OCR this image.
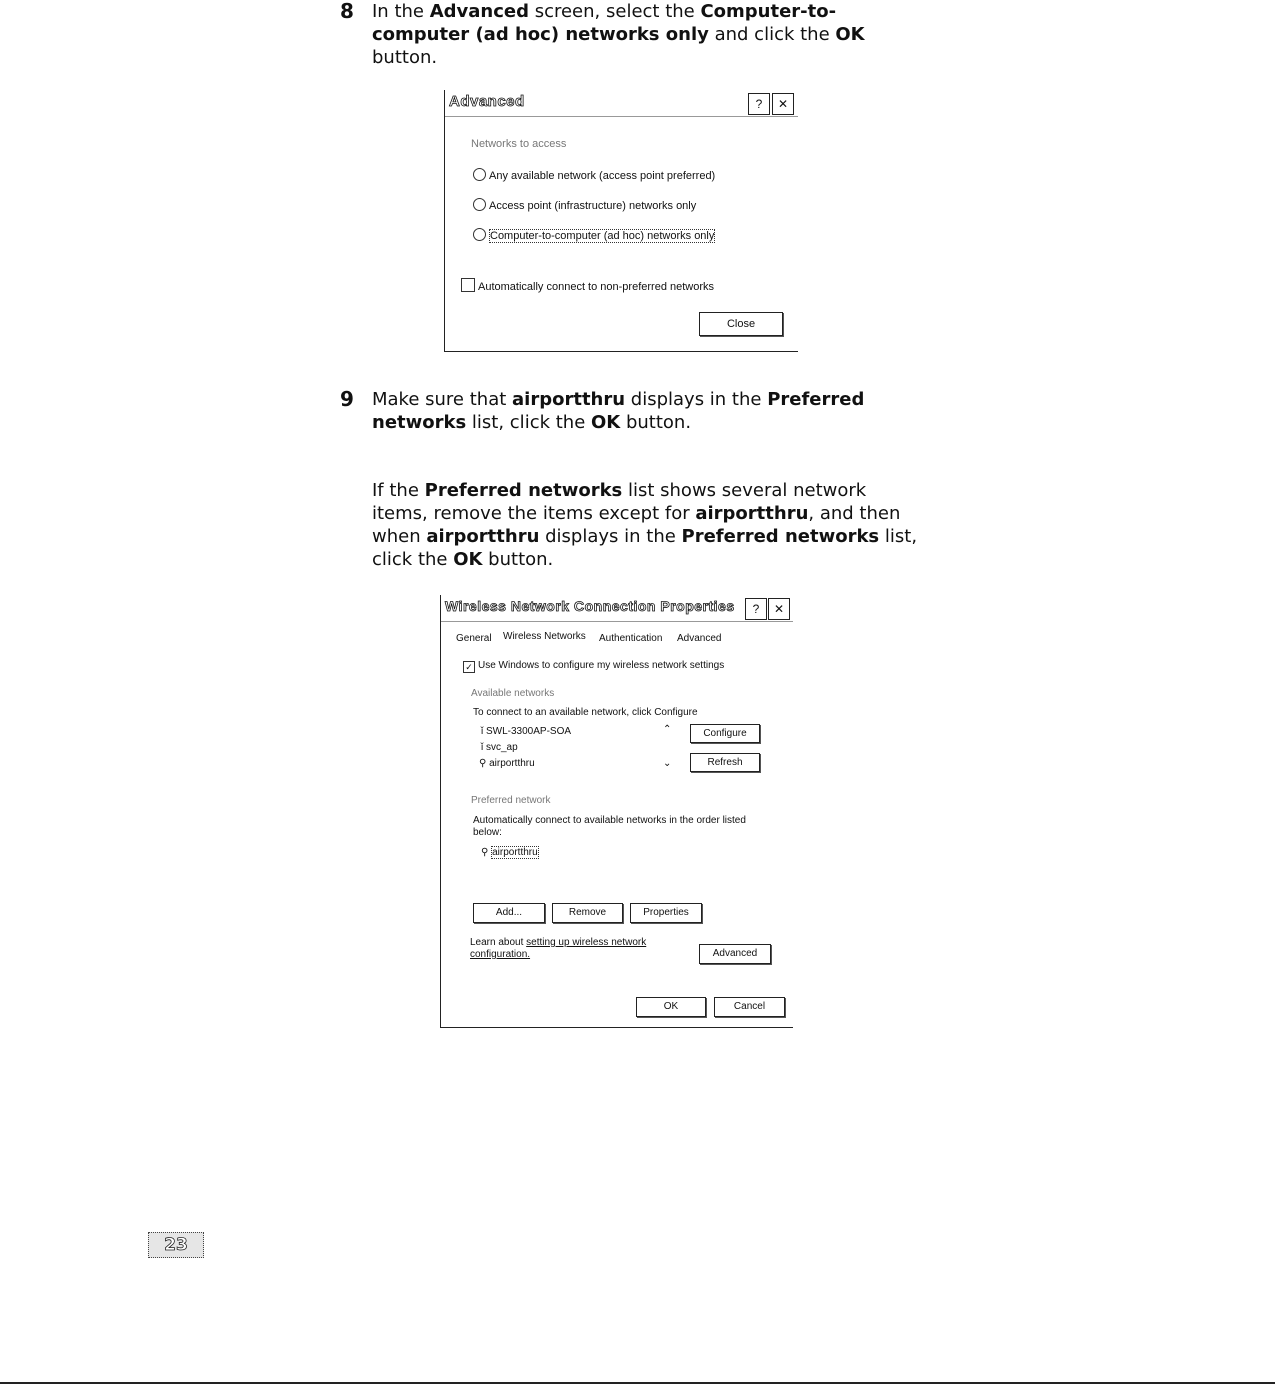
8 In the Advanced screen, select the Computer-to-computer (ad hoc) networks only and click the OK button.
Advanced	?	✕
Networks to access
Any available network (access point preferred)
Access point (infrastructure) networks only
Computer-to-computer (ad hoc) networks only
Automatically connect to non-preferred networks
Close
9 Make sure that airportthru displays in the Preferred networks list, click the OK button.
If the Preferred networks list shows several network items, remove the items except for airportthru, and then when airportthru displays in the Preferred networks list, click the OK button.
Wireless Network Connection Properties	?	✕
General Wireless Networks Authentication Advanced
✓ Use Windows to configure my wireless network settings
Available networks
To connect to an available network, click Configure
ǐ SWL-3300AP-SOA
ǐ svc_ap
⚲ airportthru
⌃
⌄
Configure
Refresh
Preferred network
Automatically connect to available networks in the order listed
below:
⚲ airportthru
Add...	Remove	Properties
Learn about setting up wireless network
configuration.	Advanced
OK	Cancel
23
